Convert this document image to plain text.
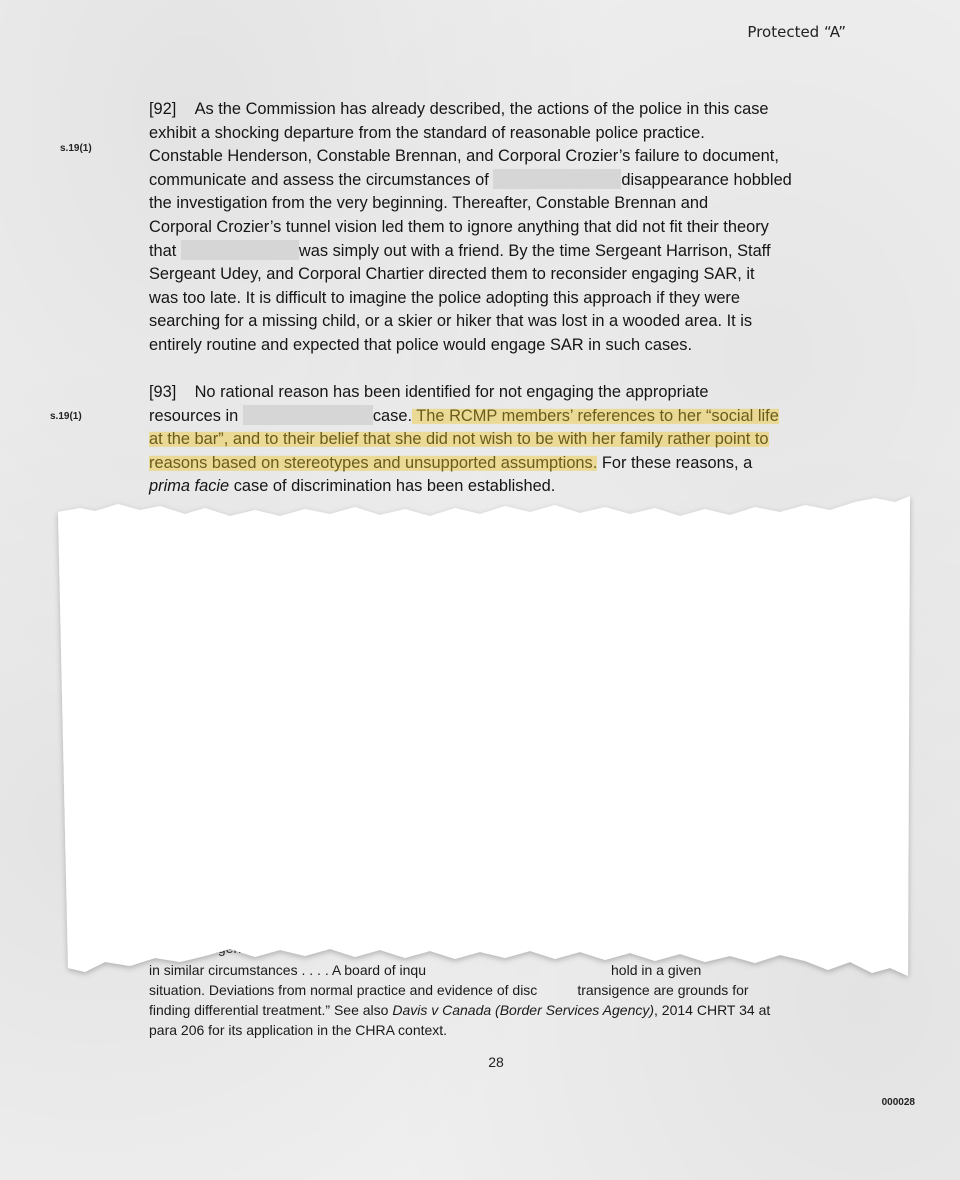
Protected “A”
s.19(1)
s.19(1)
[92] As the Commission has already described, the actions of the police in this case
exhibit a shocking departure from the standard of reasonable police practice.
Constable Henderson, Constable Brennan, and Corporal Crozier’s failure to document,
communicate and assess the circumstances of	disappearance hobbled
the investigation from the very beginning. Thereafter, Constable Brennan and
Corporal Crozier’s tunnel vision led them to ignore anything that did not fit their theory
that	was simply out with a friend. By the time Sergeant Harrison, Staff
Sergeant Udey, and Corporal Chartier directed them to reconsider engaging SAR, it
was too late. It is difficult to imagine the police adopting this approach if they were
searching for a missing child, or a skier or hiker that was lost in a wooded area. It is
entirely routine and expected that police would engage SAR in such cases.
[93] No rational reason has been identified for not engaging the appropriate
resources in	case. The RCMP members’ references to her “social life
at the bar”, and to their belief that she did not wish to be with her family rather point to
reasons based on stereotypes and unsupported assumptions. For these reasons, a
prima facie case of discrimination has been established.
in similar circumstances . . . . A board of inqu	hold in a given
situation. Deviations from normal practice and evidence of disc	transigence are grounds for
finding differential treatment.” See also Davis v Canada (Border Services Agency), 2014 CHRT 34 at
para 206 for its application in the CHRA context.
28
000028
